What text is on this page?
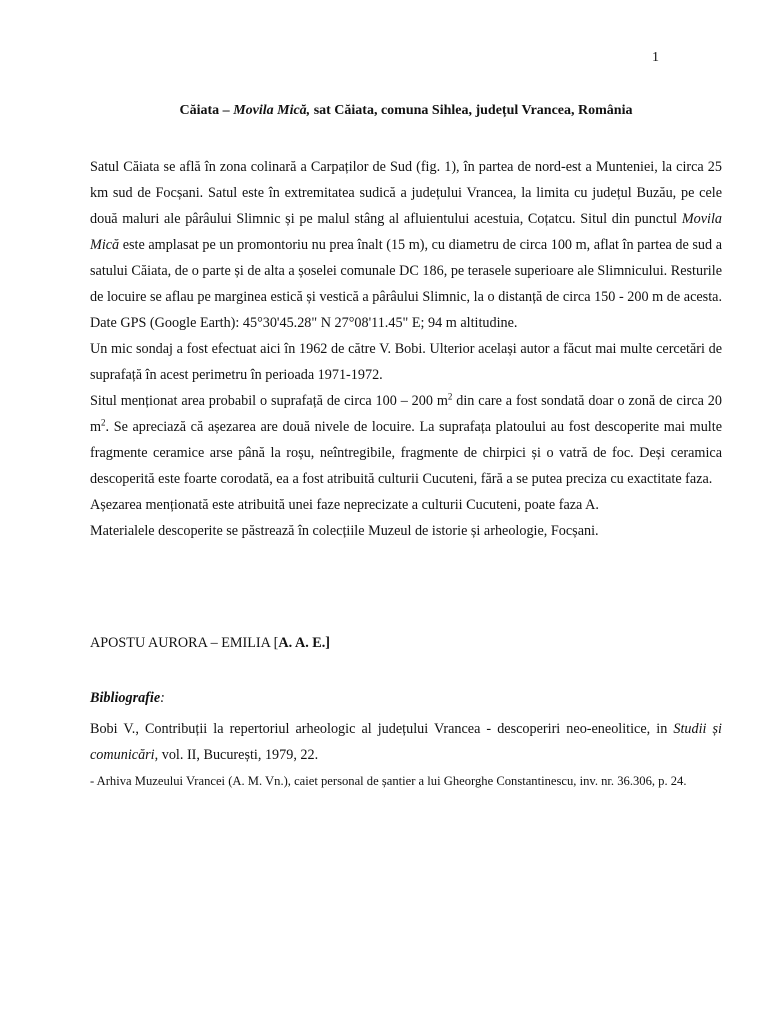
1
Căiata – Movila Mică, sat Căiata, comuna Sihlea, județul Vrancea, România

Satul Căiata se află în zona colinară a Carpaților de Sud (fig. 1), în partea de nord-est a Munteniei, la circa 25 km sud de Focșani. Satul este în extremitatea sudică a județului Vrancea, la limita cu județul Buzău, pe cele două maluri ale pârâului Slimnic și pe malul stâng al afluientului acestuia, Coțatcu. Situl din punctul Movila Mică este amplasat pe un promontoriu nu prea înalt (15 m), cu diametru de circa 100 m, aflat în partea de sud a satului Căiata, de o parte și de alta a șoselei comunale DC 186, pe terasele superioare ale Slimnicului. Resturile de locuire se aflau pe marginea estică și vestică a pârâului Slimnic, la o distanță de circa 150 - 200 m de acesta. Date GPS (Google Earth): 45°30'45.28" N 27°08'11.45" E; 94 m altitudine.

Un mic sondaj a fost efectuat aici în 1962 de către V. Bobi. Ulterior același autor a făcut mai multe cercetări de suprafață în acest perimetru în perioada 1971-1972.

Situl menționat area probabil o suprafață de circa 100 – 200 $m^2$ din care a fost sondată doar o zonă de circa 20 $m^2$. Se apreciază că așezarea are două nivele de locuire. La suprafața platoului au fost descoperite mai multe fragmente ceramice arse până la roșu, neîntregibile, fragmente de chirpici și o vatră de foc. Deși ceramica descoperită este foarte corodată, ea a fost atribuită culturii Cucuteni, fără a se putea preciza cu exactitate faza.

Așezarea menționată este atribuită unei faze neprecizate a culturii Cucuteni, poate faza A.

Materialele descoperite se păstrează în colecțiile Muzeul de istorie și arheologie, Focșani.

APOSTU AURORA – EMILIA [A. A. E.]
Bibliografie:

Bobi V., Contribuții la repertoriul arheologic al județului Vrancea - descoperiri neo-eneolitice, in Studii și comunicări, vol. II, București, 1979, 22.

- Arhiva Muzeului Vrancei (A. M. Vn.), caiet personal de șantier a lui Gheorghe Constantinescu, inv. nr. 36.306, p. 24.
